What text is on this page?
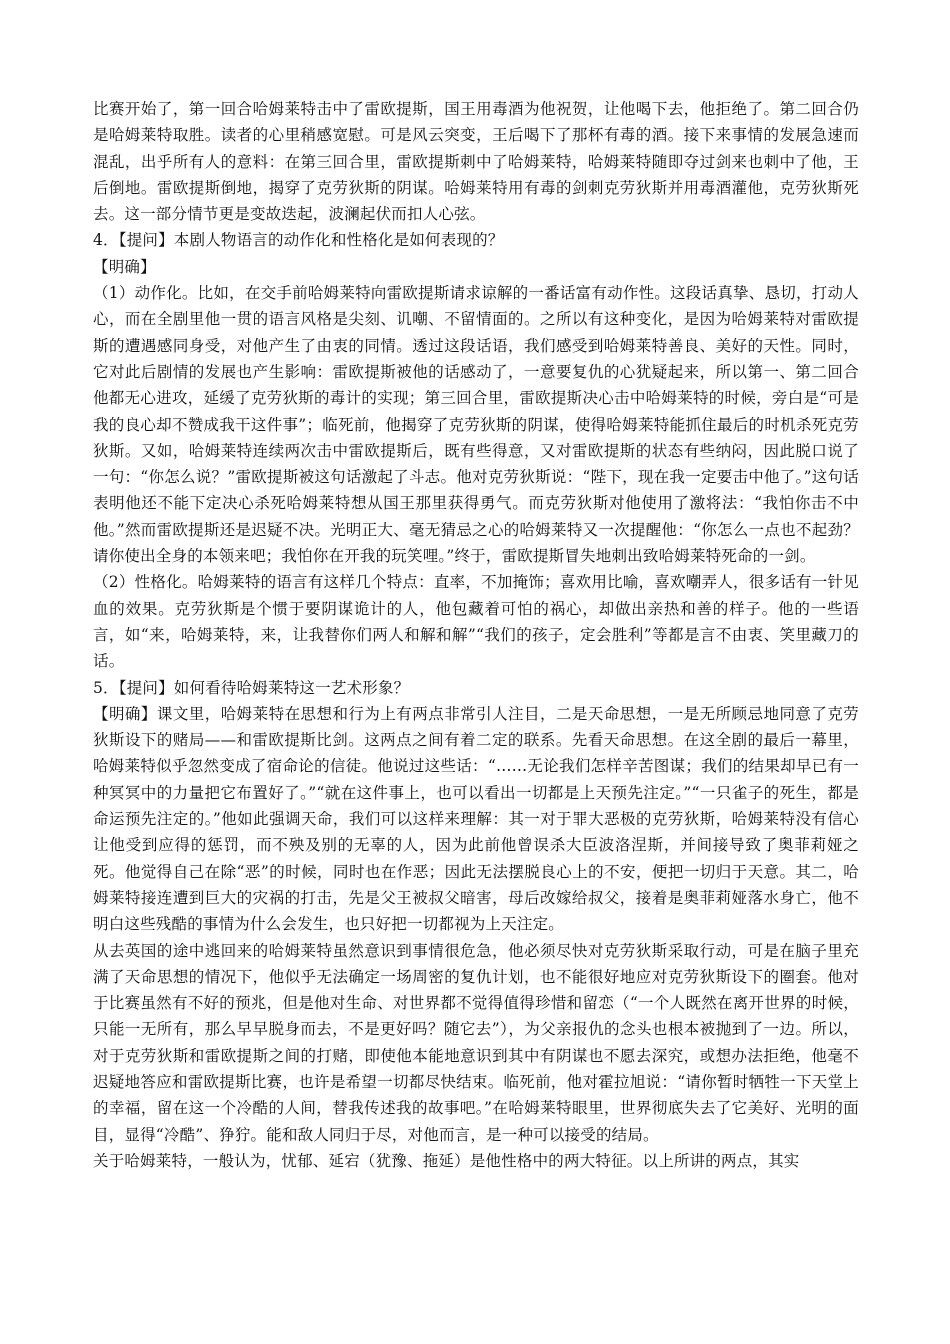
比赛开始了，第一回合哈姆莱特击中了雷欧提斯，国王用毒酒为他祝贺，让他喝下去，他拒绝了。第二回合仍是哈姆莱特取胜。读者的心里稍感宽慰。可是风云突变，王后喝下了那杯有毒的酒。接下来事情的发展急速而混乱，出乎所有人的意料：在第三回合里，雷欧提斯刺中了哈姆莱特，哈姆莱特随即夺过剑来也刺中了他，王后倒地。雷欧提斯倒地，揭穿了克劳狄斯的阴谋。哈姆莱特用有毒的剑刺克劳狄斯并用毒酒灌他，克劳狄斯死去。这一部分情节更是变故迭起，波澜起伏而扣人心弦。

4．【提问】本剧人物语言的动作化和性格化是如何表现的？

【明确】

（1）动作化。比如，在交手前哈姆莱特向雷欧提斯请求谅解的一番话富有动作性。这段话真挚、恳切，打动人心，而在全剧里他一贯的语言风格是尖刻、讥嘲、不留情面的。之所以有这种变化，是因为哈姆莱特对雷欧提斯的遭遇感同身受，对他产生了由衷的同情。透过这段话语，我们感受到哈姆莱特善良、美好的天性。同时，它对此后剧情的发展也产生影响：雷欧提斯被他的话感动了，一意要复仇的心犹疑起来，所以第一、第二回合他都无心进攻，延缓了克劳狄斯的毒计的实现；第三回合里，雷欧提斯决心击中哈姆莱特的时候，旁白是“可是我的良心却不赞成我干这件事”；临死前，他揭穿了克劳狄斯的阴谋，使得哈姆莱特能抓住最后的时机杀死克劳狄斯。又如，哈姆莱特连续两次击中雷欧提斯后，既有些得意，又对雷欧提斯的状态有些纳闷，因此脱口说了一句：“你怎么说？”雷欧提斯被这句话激起了斗志。他对克劳狄斯说：“陛下，现在我一定要击中他了。”这句话表明他还不能下定决心杀死哈姆莱特想从国王那里获得勇气。而克劳狄斯对他使用了激将法：“我怕你击不中他。”然而雷欧提斯还是迟疑不决。光明正大、毫无猜忌之心的哈姆莱特又一次提醒他：“你怎么一点也不起劲？请你使出全身的本领来吧；我怕你在开我的玩笑哩。”终于，雷欧提斯冒失地刺出致哈姆莱特死命的一剑。

（2）性格化。哈姆莱特的语言有这样几个特点：直率，不加掩饰；喜欢用比喻，喜欢嘲弄人，很多话有一针见血的效果。克劳狄斯是个惯于要阴谋诡计的人，他包藏着可怕的祸心，却做出亲热和善的样子。他的一些语言，如“来，哈姆莱特，来，让我替你们两人和解和解”“我们的孩子，定会胜利”等都是言不由衷、笑里藏刀的话。

5．【提问】如何看待哈姆莱特这一艺术形象？

【明确】课文里，哈姆莱特在思想和行为上有两点非常引人注目，二是天命思想，一是无所顾忌地同意了克劳狄斯设下的赌局——和雷欧提斯比剑。这两点之间有着二定的联系。先看天命思想。在这全剧的最后一幕里，哈姆莱特似乎忽然变成了宿命论的信徒。他说过这些话：“……无论我们怎样辛苦图谋；我们的结果却早已有一种冥冥中的力量把它布置好了。”“就在这件事上，也可以看出一切都是上天预先注定。”“一只雀子的死生，都是命运预先注定的。”他如此强调天命，我们可以这样来理解：其一对于罪大恶极的克劳狄斯，哈姆莱特没有信心让他受到应得的惩罚，而不殃及别的无辜的人，因为此前他曾误杀大臣波洛涅斯，并间接导致了奥菲莉娅之死。他觉得自己在除“恶”的时候，同时也在作恶；因此无法摆脱良心上的不安，便把一切归于天意。其二，哈姆莱特接连遭到巨大的灾祸的打击，先是父王被叔父暗害，母后改嫁给叔父，接着是奥菲莉娅落水身亡，他不明白这些残酷的事情为什么会发生，也只好把一切都视为上天注定。

从去英国的途中逃回来的哈姆莱特虽然意识到事情很危急，他必须尽快对克劳狄斯采取行动，可是在脑子里充满了天命思想的情况下，他似乎无法确定一场周密的复仇计划，也不能很好地应对克劳狄斯设下的圈套。他对于比赛虽然有不好的预兆，但是他对生命、对世界都不觉得值得珍惜和留恋（“一个人既然在离开世界的时候，只能一无所有，那么早早脱身而去，不是更好吗？随它去”），为父亲报仇的念头也根本被抛到了一边。所以，对于克劳狄斯和雷欧提斯之间的打赌，即使他本能地意识到其中有阴谋也不愿去深究，或想办法拒绝，他毫不迟疑地答应和雷欧提斯比赛，也许是希望一切都尽快结束。临死前，他对霍拉旭说：“请你暂时牺牲一下天堂上的幸福，留在这一个冷酷的人间，替我传述我的故事吧。”在哈姆莱特眼里，世界彻底失去了它美好、光明的面目，显得“冷酷”、狰狞。能和敌人同归于尽，对他而言，是一种可以接受的结局。

关于哈姆莱特，一般认为，忧郁、延宕（犹豫、拖延）是他性格中的两大特征。以上所讲的两点，其实
